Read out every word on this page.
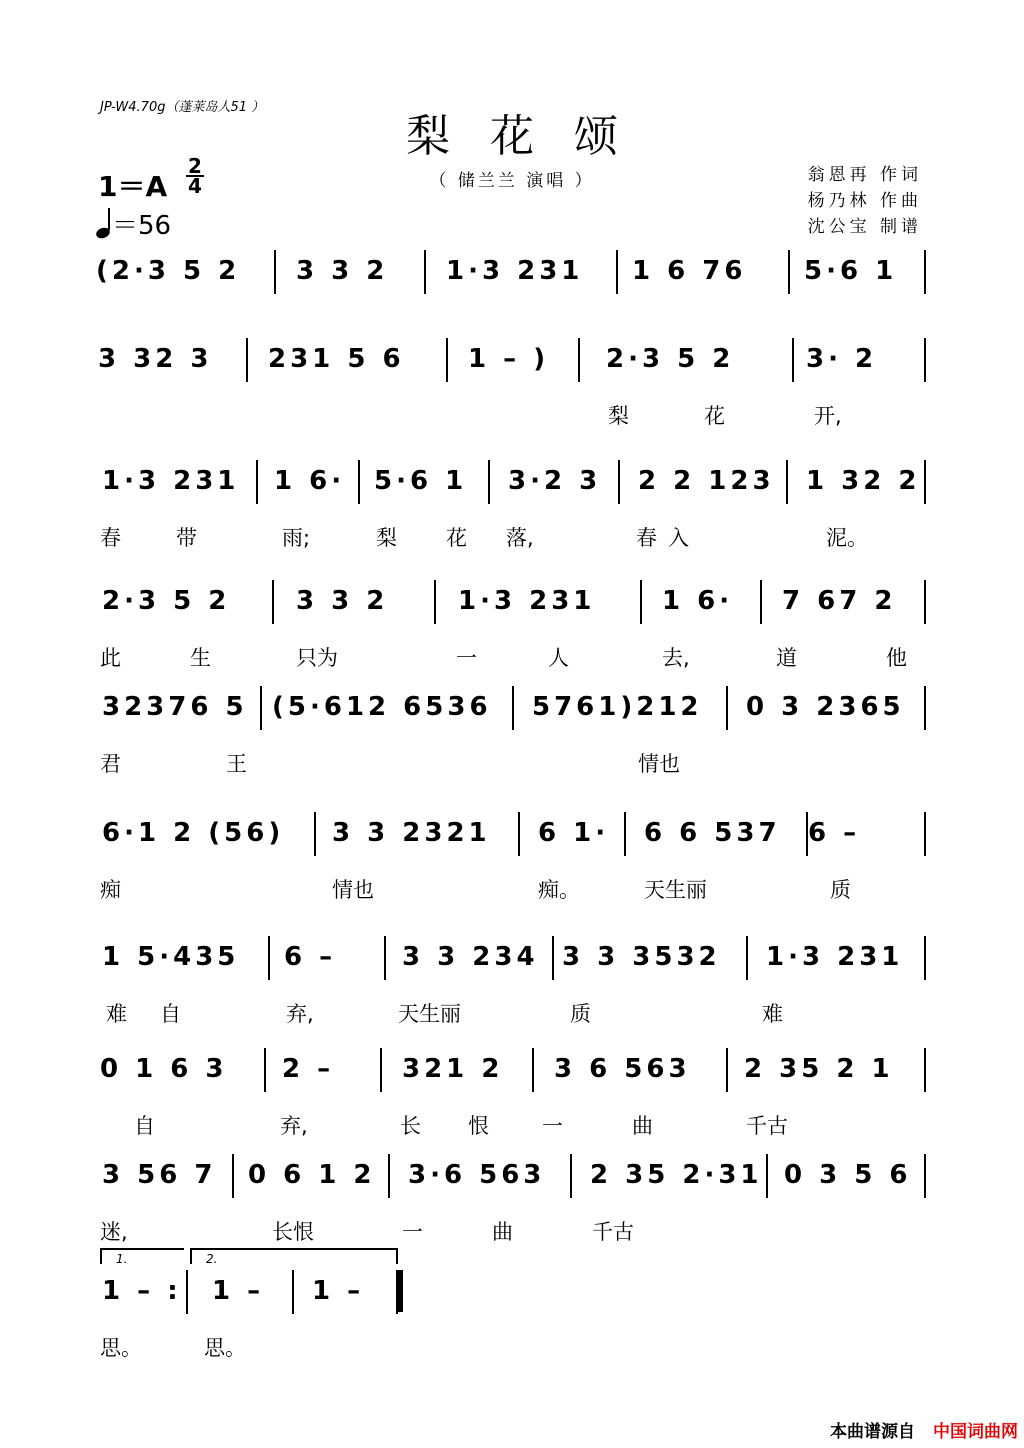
JP-W4.70g（蓬莱岛人51 ）
梨花颂
1＝A
2
4
＝56
（ 储兰兰 演唱 ）	翁恩再 作词
杨乃林 作曲
沈公宝 制谱
(2·3 5 2 3 3 2 1·3 231 1 6 76 5·6 1
3 32 3 231 5 6 1 – ) 2·3 5 2	3· 2
梨	花	开,
1·3 231 1 6· 5·6 1 3·2 3 2 2 123 1 32 2
春	带	雨;	梨 花 落,	春 入	泥。
2·3 5 2	3 3 2	1·3 231	1 6· 7 67 2
此	生	只为	一	人	去,	道	他
32376 5 (5·612 6536 5761)212 0 3 2365
君	王	情也
6·1 2 (56) 3 3 2321 6 1· 6 6 537 6 –
痴	情也	痴。	天生丽	质
1 5·435 6 –	3 3 234 3 3 3532 1·3 231
难 自	弃,	天生丽	质	难
0 1 6 3 2 –	321 2 3 6 563 2 35 2 1
自	弃,	长 恨	一	曲	千古
3 56 7 0 6 1 2 3·6 563 2 35 2·31 0 3 5 6
迷,	长恨	一	曲	千古
1 – : 1 – 1 –
思。	思。
1.	2.
本曲谱源自 中国词曲网
